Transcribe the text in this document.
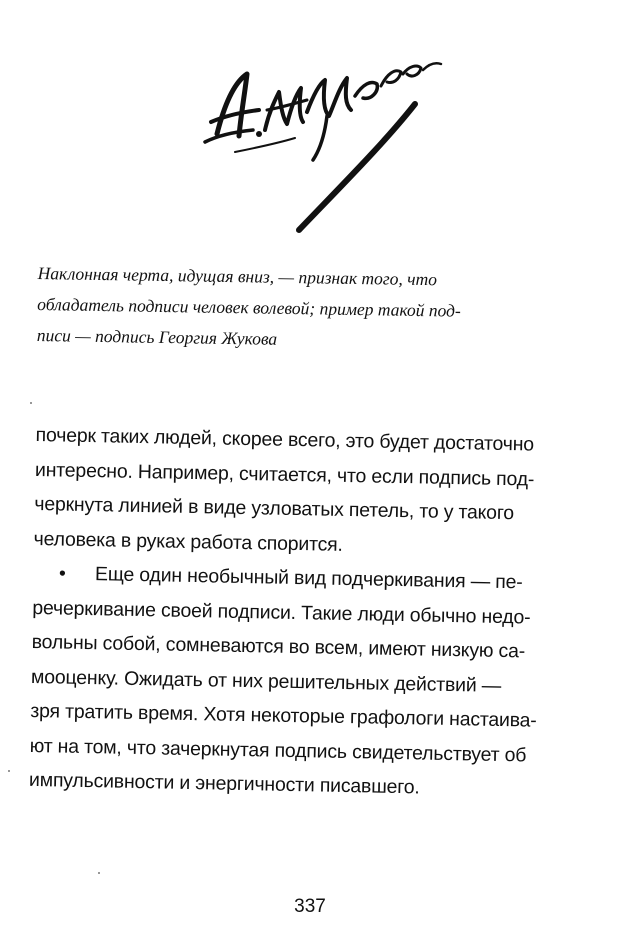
Наклонная черта, идущая вниз, — признак того, что
обладатель подписи человек волевой; пример такой под-
писи — подпись Георгия Жукова
почерк таких людей, скорее всего, это будет достаточно
интересно. Например, считается, что если подпись под-
черкнута линией в виде узловатых петель, то у такого
человека в руках работа спорится.
• Еще один необычный вид подчеркивания — пе-
речеркивание своей подписи. Такие люди обычно недо-
вольны собой, сомневаются во всем, имеют низкую са-
мооценку. Ожидать от них решительных действий —
зря тратить время. Хотя некоторые графологи настаива-
ют на том, что зачеркнутая подпись свидетельствует об
импульсивности и энергичности писавшего.
337
